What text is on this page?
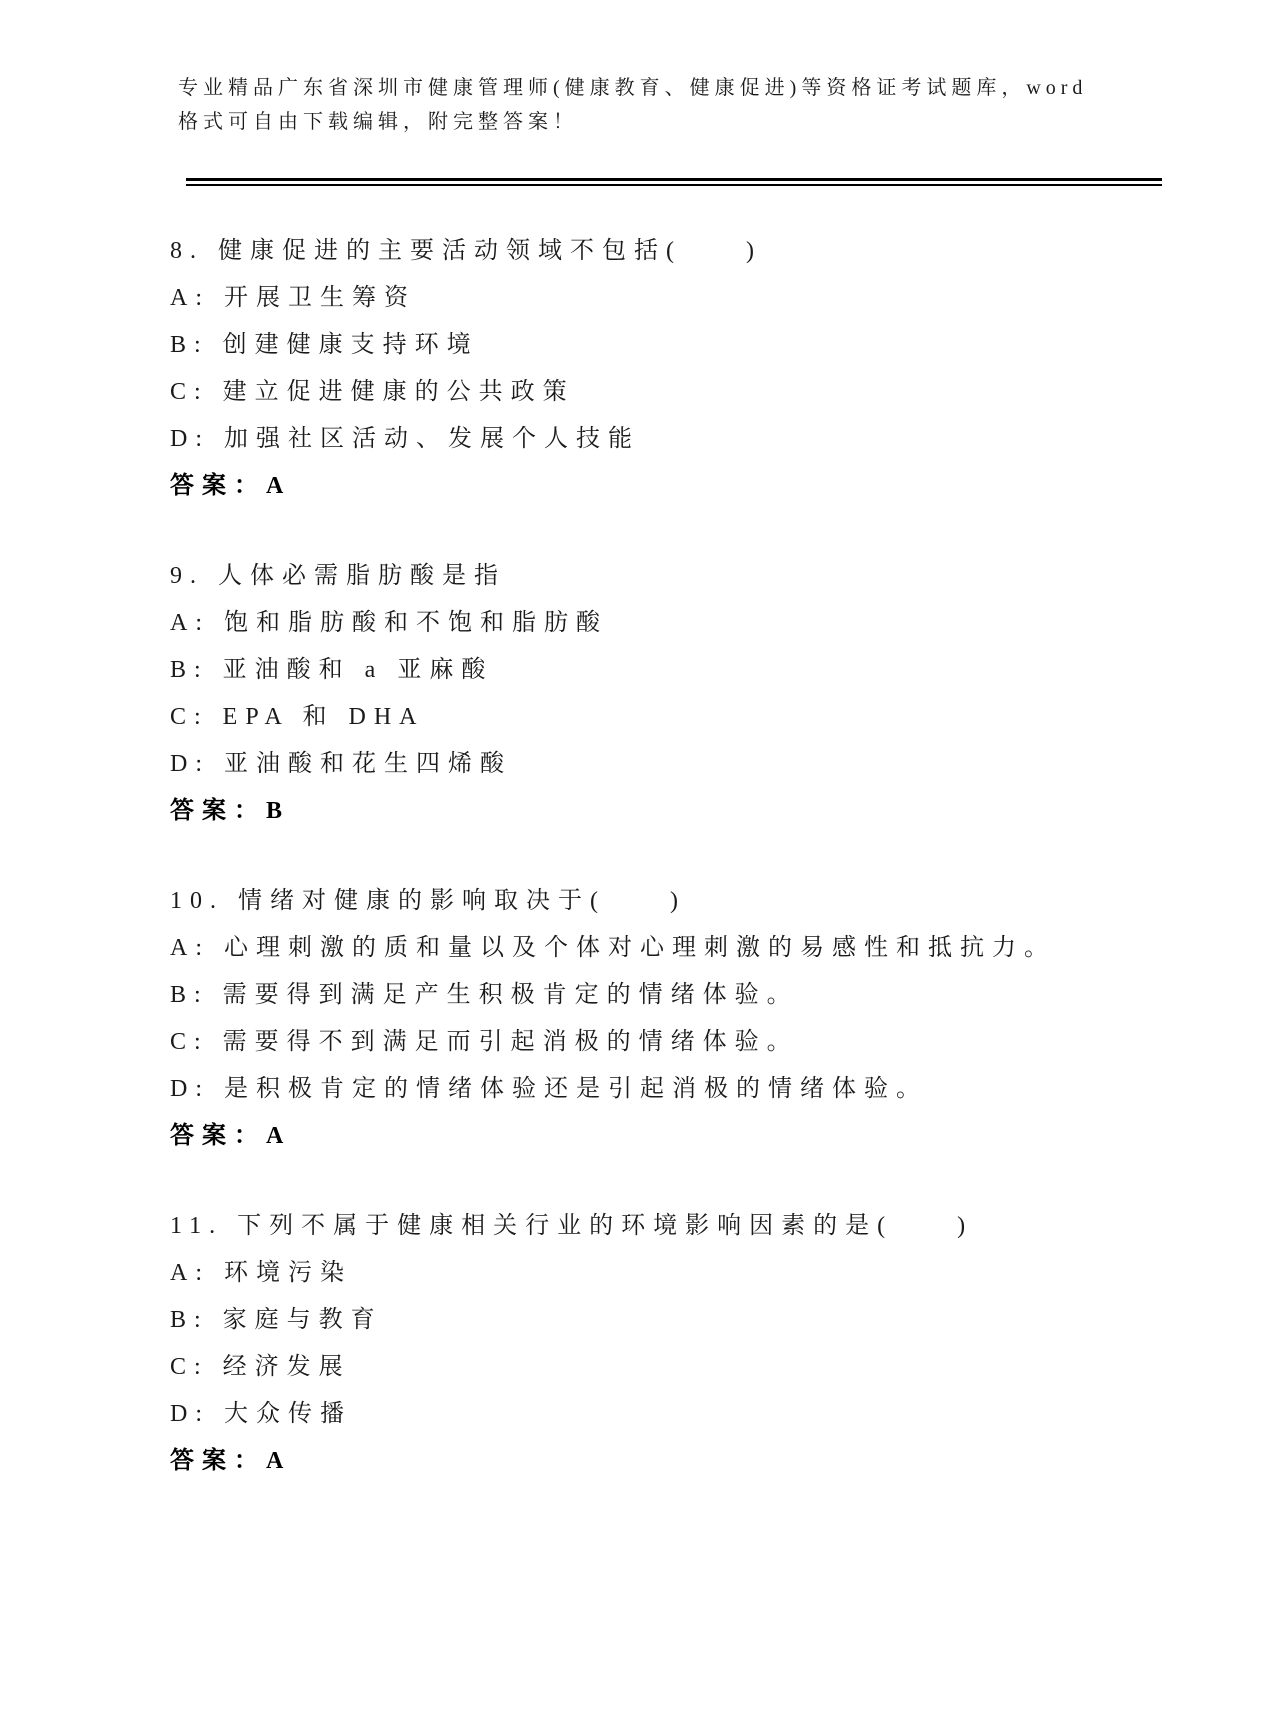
专业精品广东省深圳市健康管理师(健康教育、健康促进)等资格证考试题库，word

格式可自由下载编辑，附完整答案！

8. 健康促进的主要活动领域不包括(　　)

A: 开展卫生筹资

B: 创建健康支持环境

C: 建立促进健康的公共政策

D: 加强社区活动、发展个人技能

答案：A

9. 人体必需脂肪酸是指

A: 饱和脂肪酸和不饱和脂肪酸

B: 亚油酸和 a 亚麻酸

C: EPA 和 DHA

D: 亚油酸和花生四烯酸

答案：B

10. 情绪对健康的影响取决于(　　)

A: 心理刺激的质和量以及个体对心理刺激的易感性和抵抗力。

B: 需要得到满足产生积极肯定的情绪体验。

C: 需要得不到满足而引起消极的情绪体验。

D: 是积极肯定的情绪体验还是引起消极的情绪体验。

答案：A

11. 下列不属于健康相关行业的环境影响因素的是(　　)

A: 环境污染

B: 家庭与教育

C: 经济发展

D: 大众传播

答案：A
